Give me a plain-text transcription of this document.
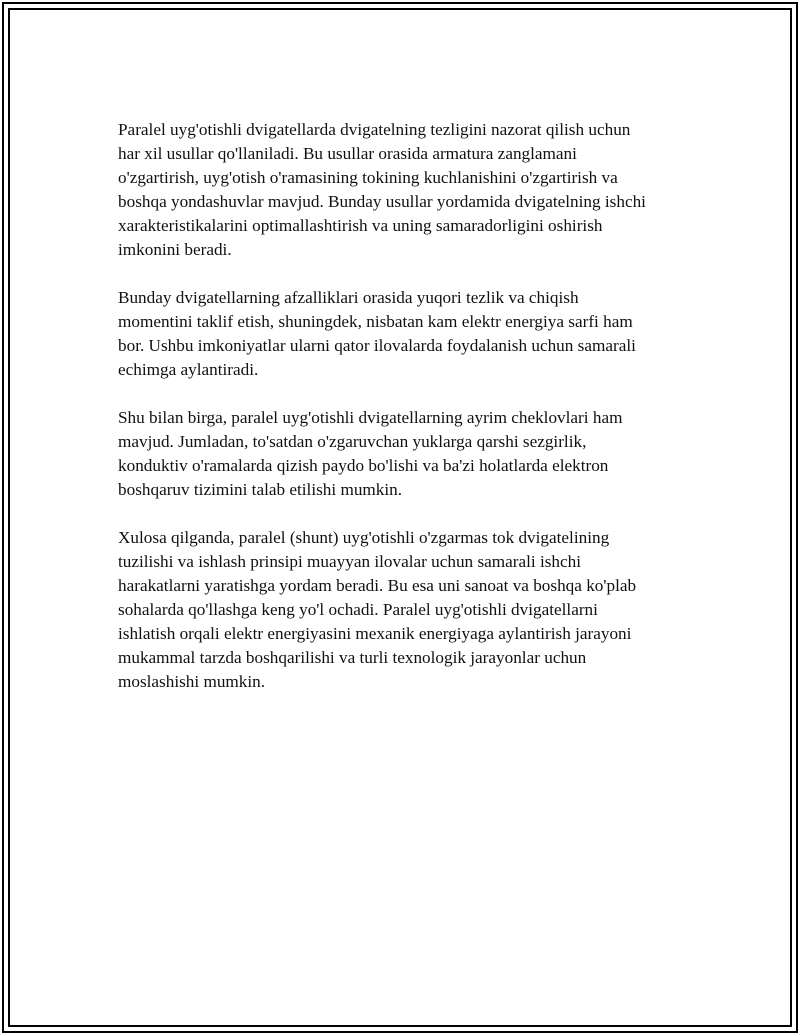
Paralel uyg'otishli dvigatellarda dvigatelning tezligini nazorat qilish uchun
har xil usullar qo'llaniladi. Bu usullar orasida armatura zanglamani
o'zgartirish, uyg'otish o'ramasining tokining kuchlanishini o'zgartirish va
boshqa yondashuvlar mavjud. Bunday usullar yordamida dvigatelning ishchi
xarakteristikalarini optimallashtirish va uning samaradorligini oshirish
imkonini beradi.

Bunday dvigatellarning afzalliklari orasida yuqori tezlik va chiqish
momentini taklif etish, shuningdek, nisbatan kam elektr energiya sarfi ham
bor. Ushbu imkoniyatlar ularni qator ilovalarda foydalanish uchun samarali
echimga aylantiradi.

Shu bilan birga, paralel uyg'otishli dvigatellarning ayrim cheklovlari ham
mavjud. Jumladan, to'satdan o'zgaruvchan yuklarga qarshi sezgirlik,
konduktiv o'ramalarda qizish paydo bo'lishi va ba'zi holatlarda elektron
boshqaruv tizimini talab etilishi mumkin.

Xulosa qilganda, paralel (shunt) uyg'otishli o'zgarmas tok dvigatelining
tuzilishi va ishlash prinsipi muayyan ilovalar uchun samarali ishchi
harakatlarni yaratishga yordam beradi. Bu esa uni sanoat va boshqa ko'plab
sohalarda qo'llashga keng yo'l ochadi. Paralel uyg'otishli dvigatellarni
ishlatish orqali elektr energiyasini mexanik energiyaga aylantirish jarayoni
mukammal tarzda boshqarilishi va turli texnologik jarayonlar uchun
moslashishi mumkin.
